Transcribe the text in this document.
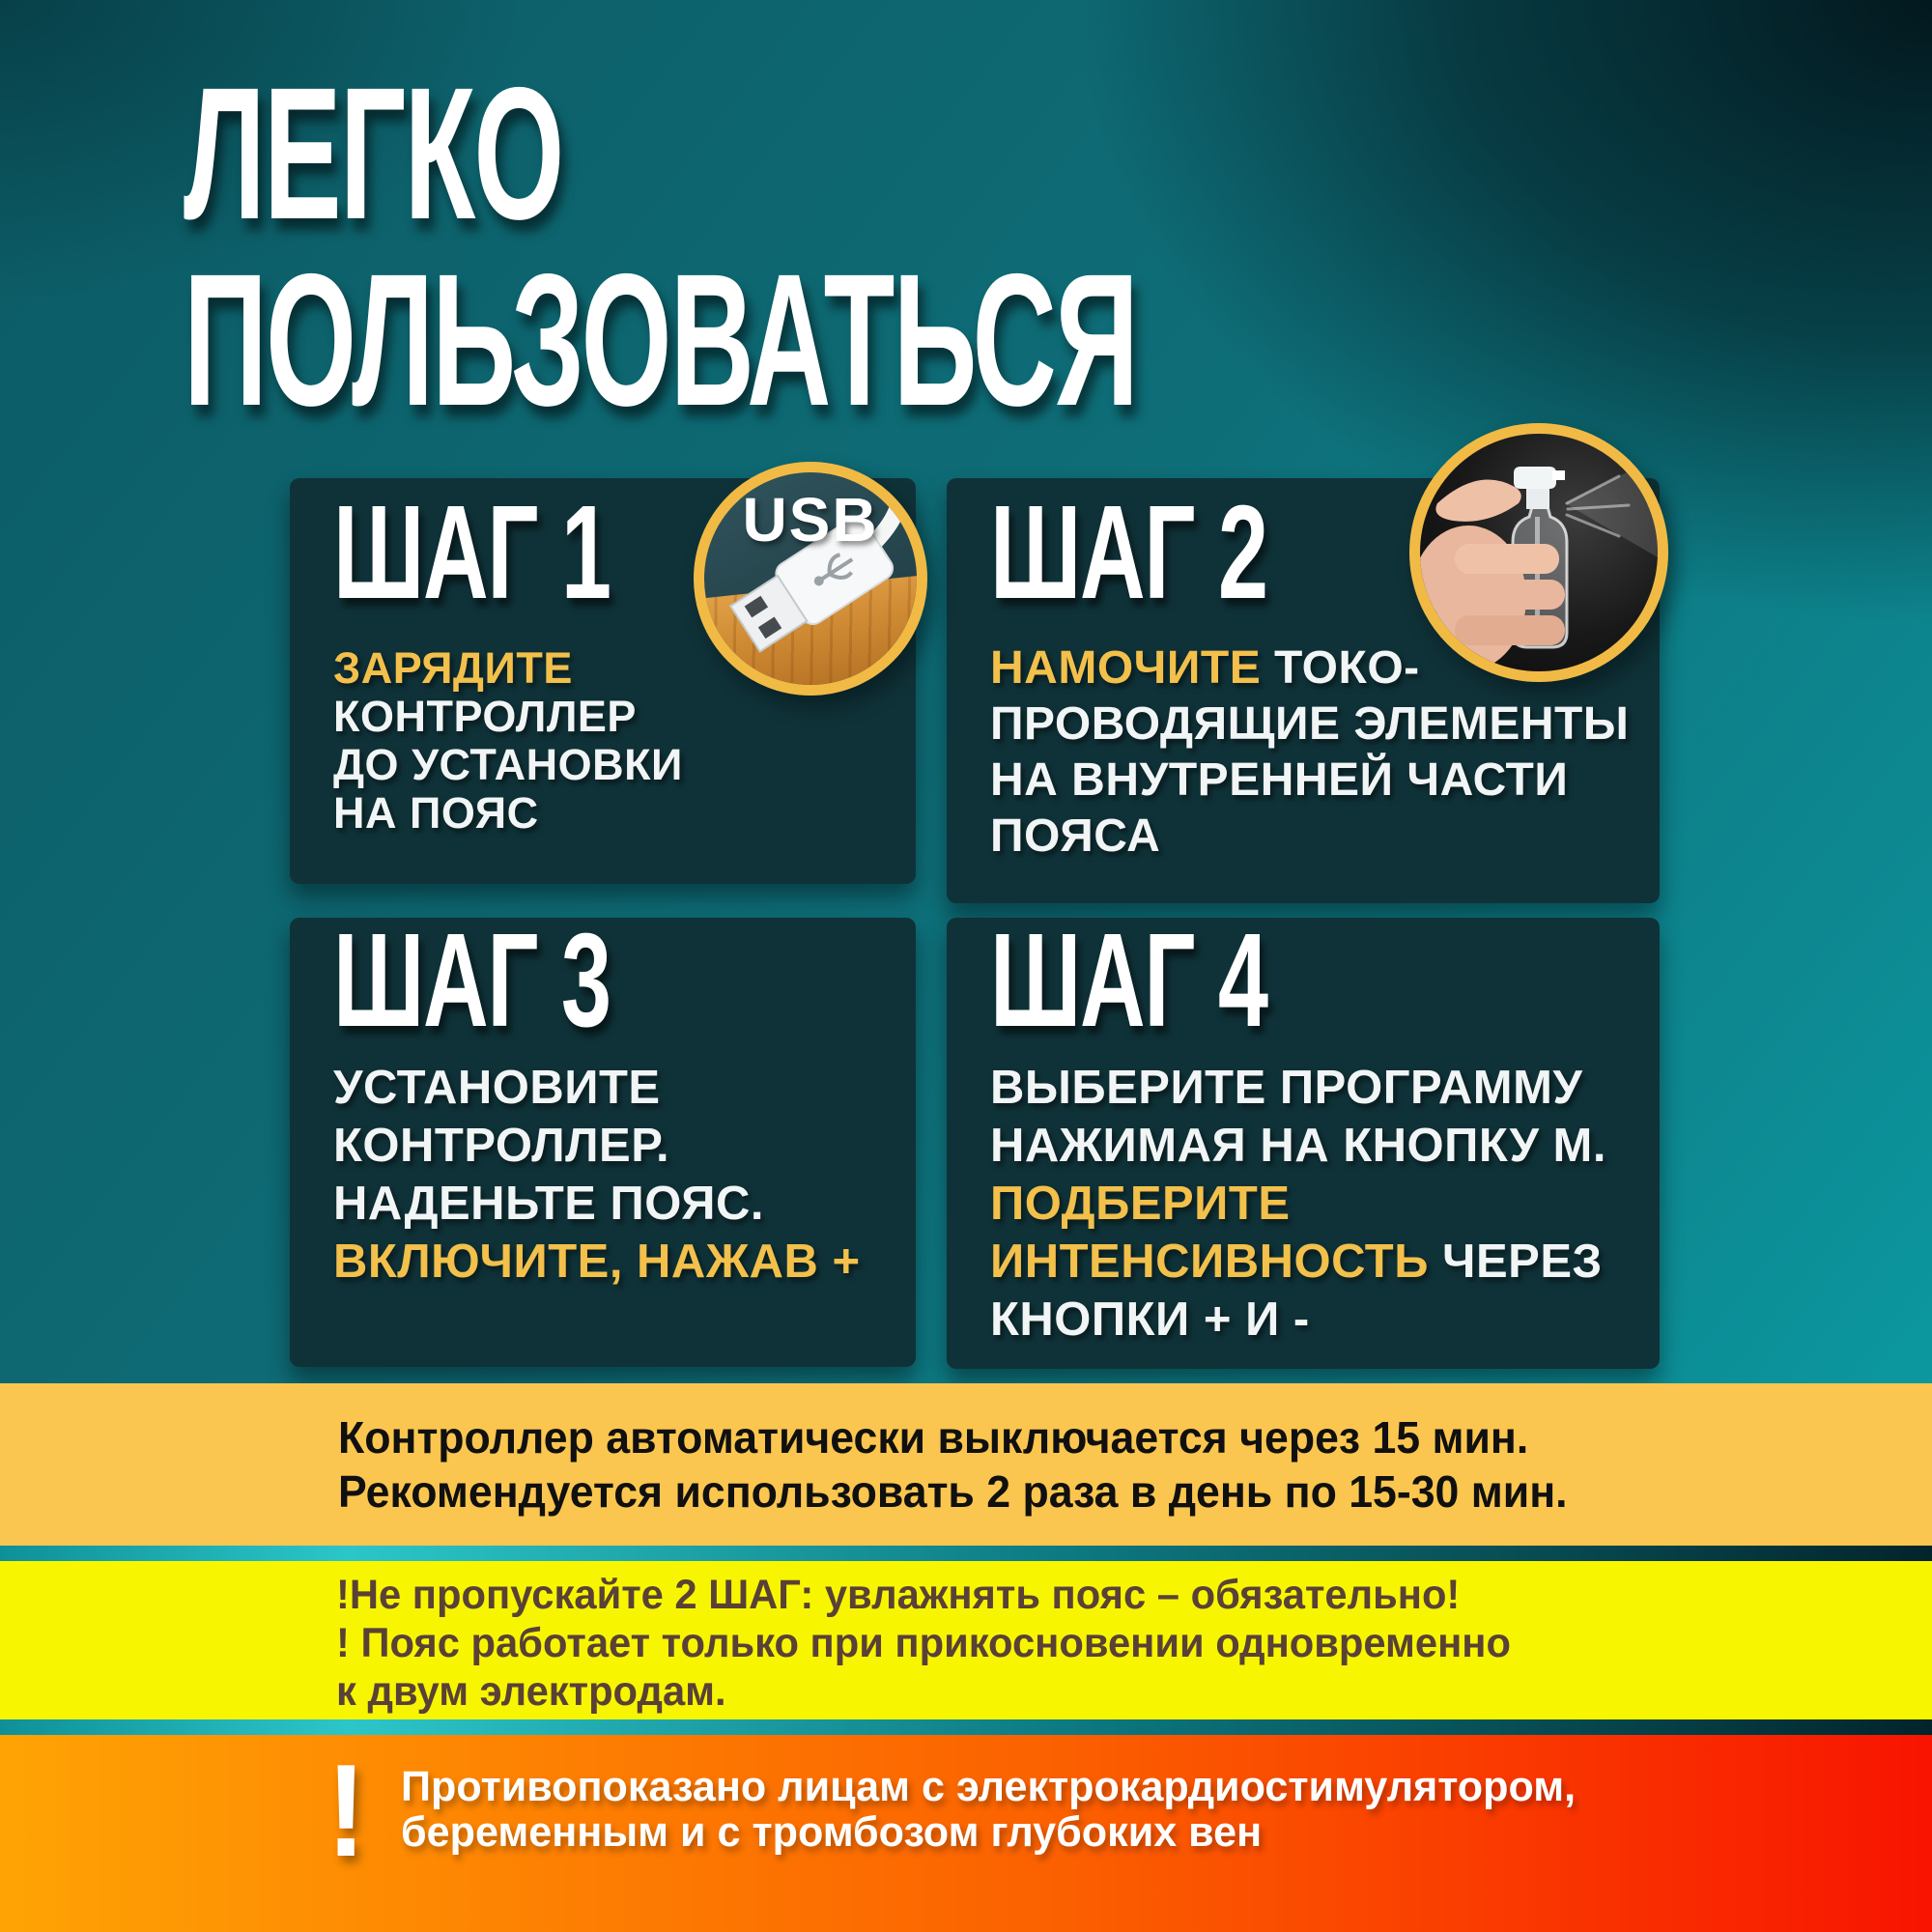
ЛЕГКО
ПОЛЬЗОВАТЬСЯ
ШАГ 1
ЗАРЯДИТЕ
КОНТРОЛЛЕР
ДО УСТАНОВКИ
НА ПОЯС
ШАГ 2
НАМОЧИТЕ ТОКО-
ПРОВОДЯЩИЕ ЭЛЕМЕНТЫ
НА ВНУТРЕННЕЙ ЧАСТИ
ПОЯСА
ШАГ 3
УСТАНОВИТЕ
КОНТРОЛЛЕР.
НАДЕНЬТЕ ПОЯС.
ВКЛЮЧИТЕ, НАЖАВ +
ШАГ 4
ВЫБЕРИТЕ ПРОГРАММУ
НАЖИМАЯ НА КНОПКУ М.
ПОДБЕРИТЕ
ИНТЕНСИВНОСТЬ ЧЕРЕЗ
КНОПКИ + И -
USB
Контроллер автоматически выключается через 15 мин.
Рекомендуется использовать 2 раза в день по 15-30 мин.
!Не пропускайте 2 ШАГ: увлажнять пояс – обязательно!
! Пояс работает только при прикосновении одновременно
к двум электродам.
! Противопоказано лицам с электрокардиостимулятором,
беременным и с тромбозом глубоких вен
